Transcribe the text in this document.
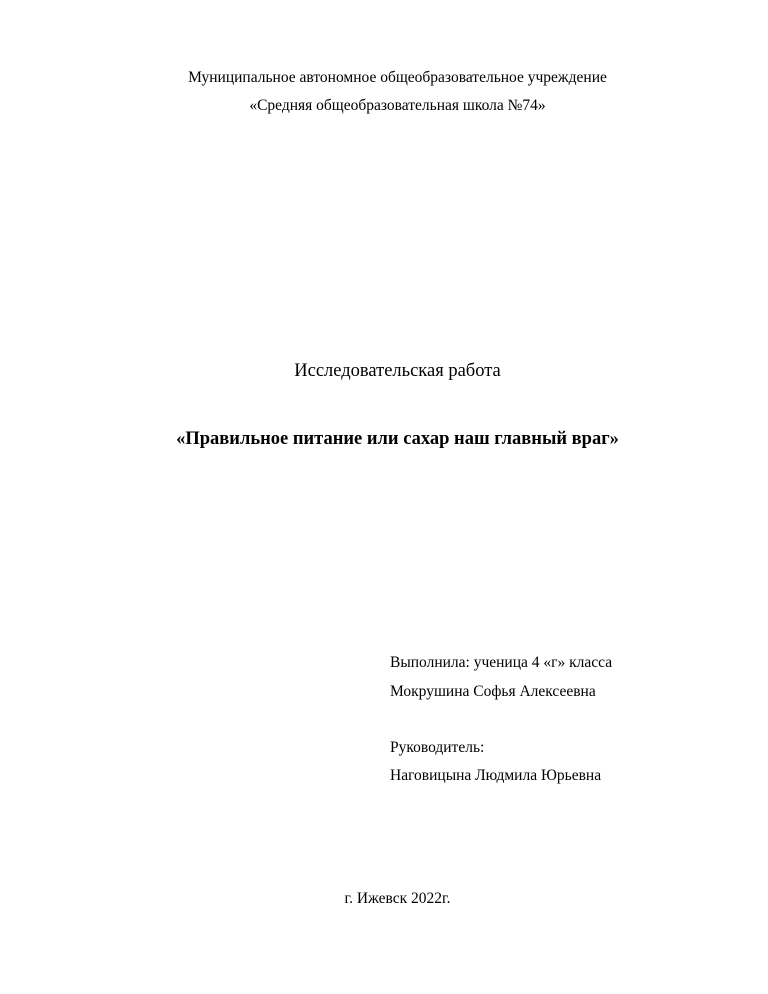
Муниципальное автономное общеобразовательное учреждение
«Средняя общеобразовательная школа №74»
Исследовательская работа
«Правильное питание или сахар наш главный враг»
Выполнила: ученица 4 «г» класса
Мокрушина Софья Алексеевна
Руководитель:
Наговицына Людмила Юрьевна
г. Ижевск 2022г.
